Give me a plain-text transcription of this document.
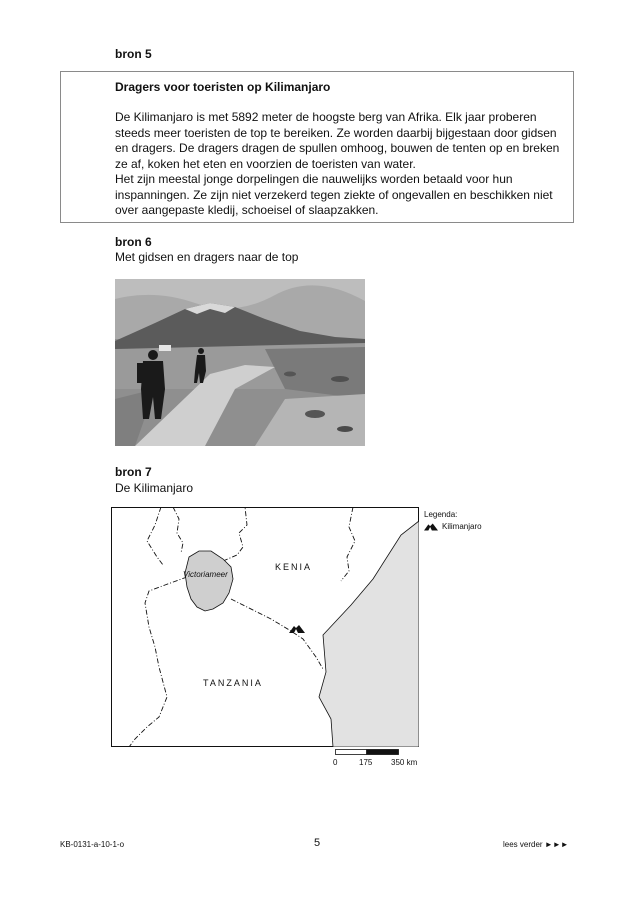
bron 5
Dragers voor toeristen op Kilimanjaro

De Kilimanjaro is met 5892 meter de hoogste berg van Afrika. Elk jaar proberen steeds meer toeristen de top te bereiken. Ze worden daarbij bijgestaan door gidsen en dragers. De dragers dragen de spullen omhoog, bouwen de tenten op en breken ze af, koken het eten en voorzien de toeristen van water.

Het zijn meestal jonge dorpelingen die nauwelijks worden betaald voor hun inspanningen. Ze zijn niet verzekerd tegen ziekte of ongevallen en beschikken niet over aangepaste kledij, schoeisel of slaapzakken.

bron 6
Met gidsen en dragers naar de top
bron 7
De Kilimanjaro
Victoriameer
KENIA
TANZANIA
Legenda:
Kilimanjaro
0	175 350 km
KB-0131-a-10-1-o	5	lees verder ►►►
